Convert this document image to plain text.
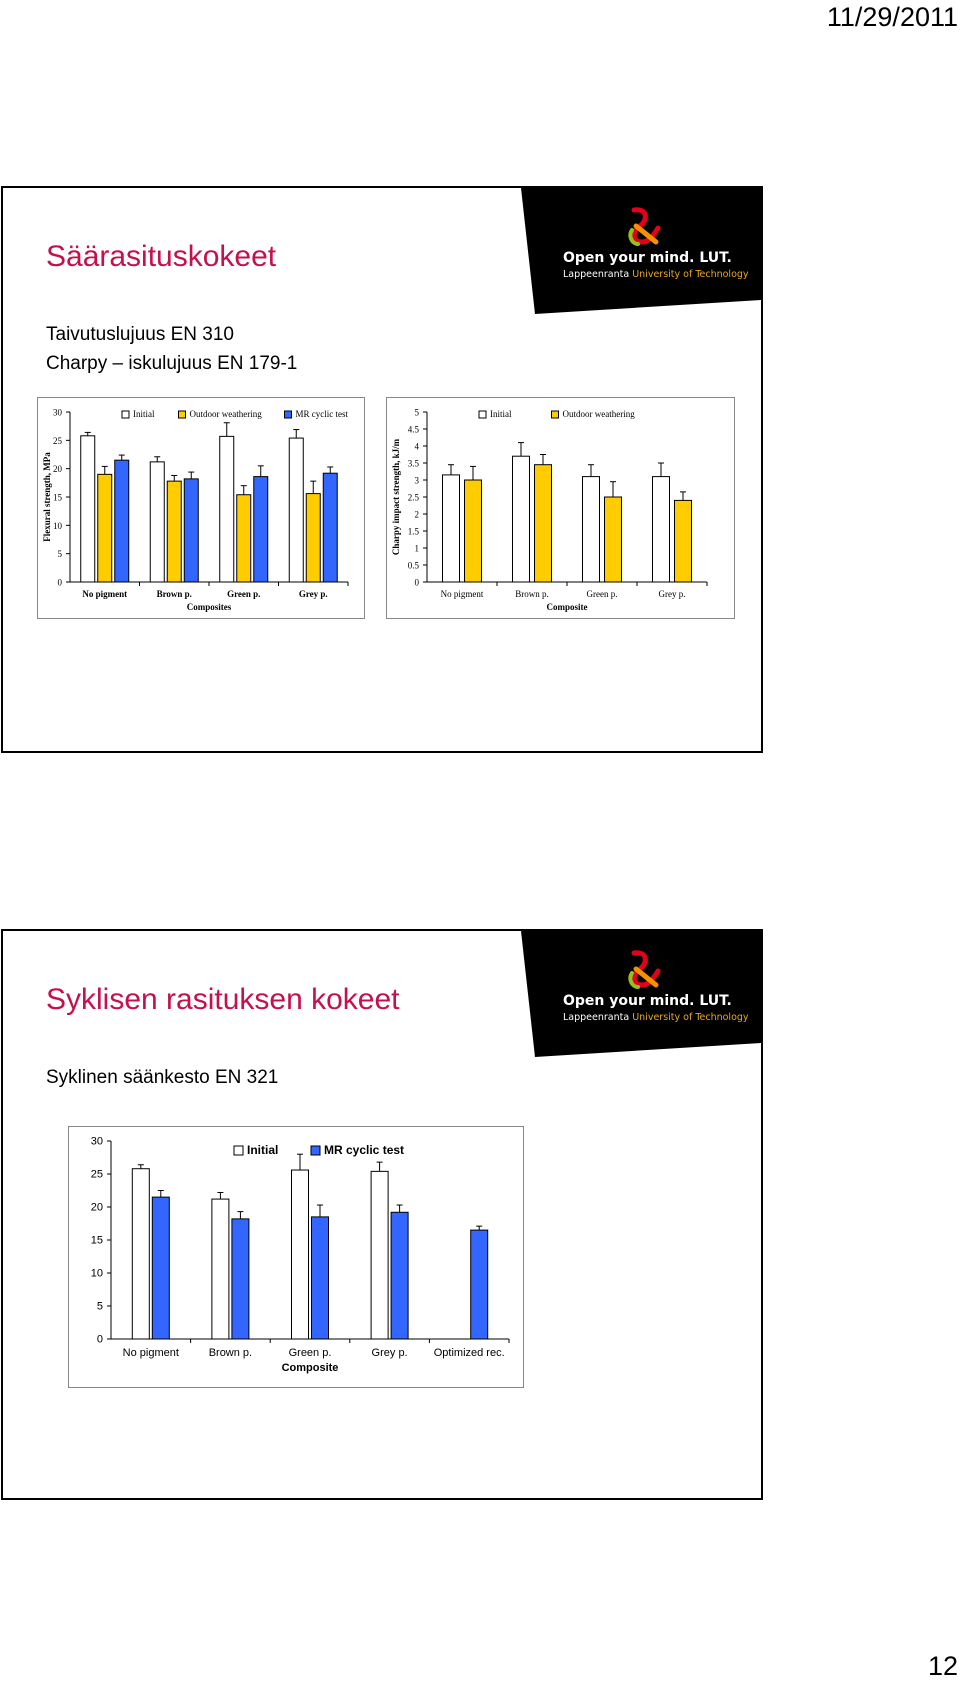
11/29/2011
Open your mind. LUT.
Lappeenranta University of Technology
Säärasituskokeet
Taivutuslujuus EN 310
Charpy – iskulujuus EN 179-1
0
5
10
15
20
25
30
No pigment	Brown p.	Green p.	Grey p.
Composites
Flexural strength, MPa
Initial	Outdoor weathering	MR cyclic test
0
0.5
1
1.5
2
2.5
3
3.5
4
4.5
5
No pigment	Brown p.	Green p.	Grey p.
Composite
Charpy impact strength, kJ/m
Initial	Outdoor weathering
Open your mind. LUT.
Lappeenranta University of Technology
Syklisen rasituksen kokeet
Syklinen säänkesto EN 321
0
5
10
15
20
25
30
No pigment	Brown p.	Green p.	Grey p. Optimized rec.
Composite
Initial	MR cyclic test
12
